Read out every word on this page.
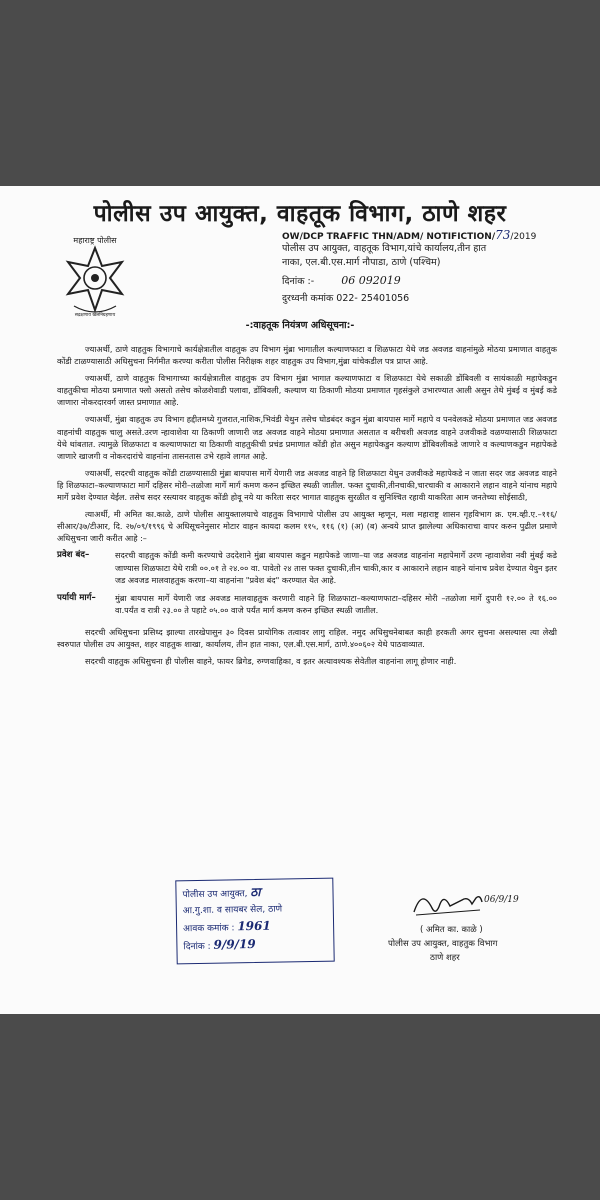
पोलीस उप आयुक्त, वाहतूक विभाग, ठाणे शहर
महाराष्ट्र पोलीस
सद्रक्षणाय खलनिग्रहणाय
OW/DCP TRAFFIC THN/ADM/ NOTIFICTION/73/2019
पोलीस उप आयुक्त, वाहतूक विभाग,यांचे कार्यालय,तीन हात
नाका, एल.बी.एस.मार्ग नौपाडा, ठाणे (पश्चिम)
दिनांक :- 06 092019
दुरध्वनी कमांक 022- 25401056
-:वाहतूक नियंत्रण अधिसूचना:-

ज्याअर्थी, ठाणे वाहतुक विभागाचे कार्यक्षेत्रातील वाहतुक उप विभाग मुंब्रा भागातील कल्याणफाटा व शिळफाटा येथे जड अवजड वाहनांमुळे मोठया प्रमाणात वाहतुक कोंडी टाळण्यासाठी अधिसुचना निर्गमीत करण्या करीता पोलीस निरीक्षक शहर वाहतुक उप विभाग,मुंब्रा यांचेकडील पत्र प्राप्त आहे.

ज्याअर्थी, ठाणे वाहतुक विभागाच्या कार्यक्षेत्रातील वाहतुक उप विभाग मुंब्रा भागात कल्याणफाटा व शिळफाटा येथे सकाळी डोंबिवली व सायंकाळी महापेकडुन वाहतुकीचा मोठया प्रमाणात फ्लो असतो तसेच कोळशेवाडी पलावा, डोंबिवली, कल्याण या ठिकाणी मोठया प्रमाणात गृहसंकुले उभारण्यात आली असुन तेथे मुंबई व मुंबई कडे जाणारा नोकरदारवर्ग जास्त प्रमाणात आहे.

ज्याअर्थी, मुंब्रा वाहतुक उप विभाग हद्दीतमध्ये गुजरात,नाशिक,भिवंडी येथुन तसेच घोडबंदर कडुन मुंब्रा बायपास मार्गे महापे व पनवेलकडे मोठया प्रमाणात जड अवजड वाहनांची वाहतुक चालु असते.उरण न्हावाशेवा या ठिकाणी जाणारी जड अवजड वाहने मोठया प्रमाणात असतात व बरीचशी अवजड वाहने उजवीकडे वळण्यासाठी शिळफाटा येथे थांबतात. त्यामुळे शिळफाटा व कल्याणफाटा या ठिकाणी वाहतुकीची प्रचंड प्रमाणात कोंडी होत असुन महापेकडुन कल्याण डोंबिवलीकडे जाणारे व कल्याणकडुन महापेकडे जाणारे खाजगी व नोकरदारांचे वाहनांना तासनतास उभे रहावे लागत आहे.

ज्याअर्थी, सदरची वाहतुक कोंडी टाळण्यासाठी मुंब्रा बायपास मार्गे येणारी जड अवजड वाहने हि शिळफाटा येथुन उजवीकडे महापेकडे न जाता सदर जड अवजड वाहने हि शिळफाटा–कल्याणफाटा मार्गे दहिसर मोरी–तळोजा मार्गे मार्ग कमण करुन इच्छित स्थळी जातील. फक्त दुचाकी,तीनचाकी,चारचाकी व आकाराने लहान वाहने यांनाच महापे मार्गे प्रवेश देण्यात येईल. तसेच सदर रस्त्यावर वाहतुक कोंडी होवू नये या करिता सदर भागात वाहतुक सुरळीत व सुनिश्चित रहावी याकरिता आम जनतेच्या सोईसाठी,

त्याअर्थी, मी अमित का.काळे, ठाणे पोलीस आयुक्तालयाचे वाहतुक विभागाचे पोलीस उप आयुक्त म्हणून, मला महाराष्ट्र शासन गृहविभाग क्र. एम.व्ही.ए.–११६/सीआर/३७/टीआर, दि. २७/०९/१९९६ चे अधिसूचनेनुसार मोटार वाहन कायदा कलम ११५, ११६ (१) (अ) (ब) अन्वये प्राप्त झालेल्या अधिकाराचा वापर करुन पुढील प्रमाणे अधिसुचना जारी करीत आहे :–

प्रवेश बंद–	सदरची वाहतुक कोंडी कमी करण्याचे उददेशाने मुंब्रा बायपास कडुन महापेकडे जाणा–या जड अवजड वाहनांना महापेमार्गे उरण न्हावाशेवा नवी मुंबई कडे जाण्यास शिळफाटा येथे रात्री ००.०१ ते २४.०० वा. पावेतो २४ तास फक्त दुचाकी,तीन चाकी,कार व आकाराने लहान वाहने यांनाच प्रवेश देण्यात येवुन इतर जड अवजड मालवाहतुक करणा–या वाहनांना "प्रवेश बंद" करण्यात येत आहे.
पर्यायी मार्ग–	मुंब्रा बायपास मार्गे येणारी जड अवजड मालवाहतुक करणारी वाहने हि शिळफाटा–कल्याणफाटा–दहिसर मोरी –तळोजा मार्गे दुपारी १२.०० ते १६.०० वा.पर्यंत व रात्री २३.०० ते पहाटे ०५.०० वाजे पर्यंत मार्ग कमण करुन इच्छित स्थळी जातील.

सदरची अधिसुचना प्रसिध्द झाल्या तारखेपासुन ३० दिवस प्रायोगिक तत्वावर लागु राहिल. नमुद अधिसुचनेबाबत काही हरकती अगर सुचना असल्यास त्या लेखी स्वरुपात पोलीस उप आयुक्त, शहर वाहतुक शाखा, कार्यालय, तीन हात नाका, एल.बी.एस.मार्ग, ठाणे.४००६०२ येथे पाठवाव्यात.

सदरची वाहतुक अधिसुचना ही पोलीस वाहने, फायर ब्रिगेड, रुग्णवाहिका, व इतर अत्यावश्यक सेवेतील वाहनांना लागू होणार नाही.

पोलीस उप आयुक्त, ठा
आ.गु.शा. व सायबर सेल, ठाणे
आवक कमांक : 1961
दिनांक : 9/9/19
06/9/19
( अमित का. काळे )
पोलीस उप आयुक्त, वाहतुक विभाग
ठाणे शहर
